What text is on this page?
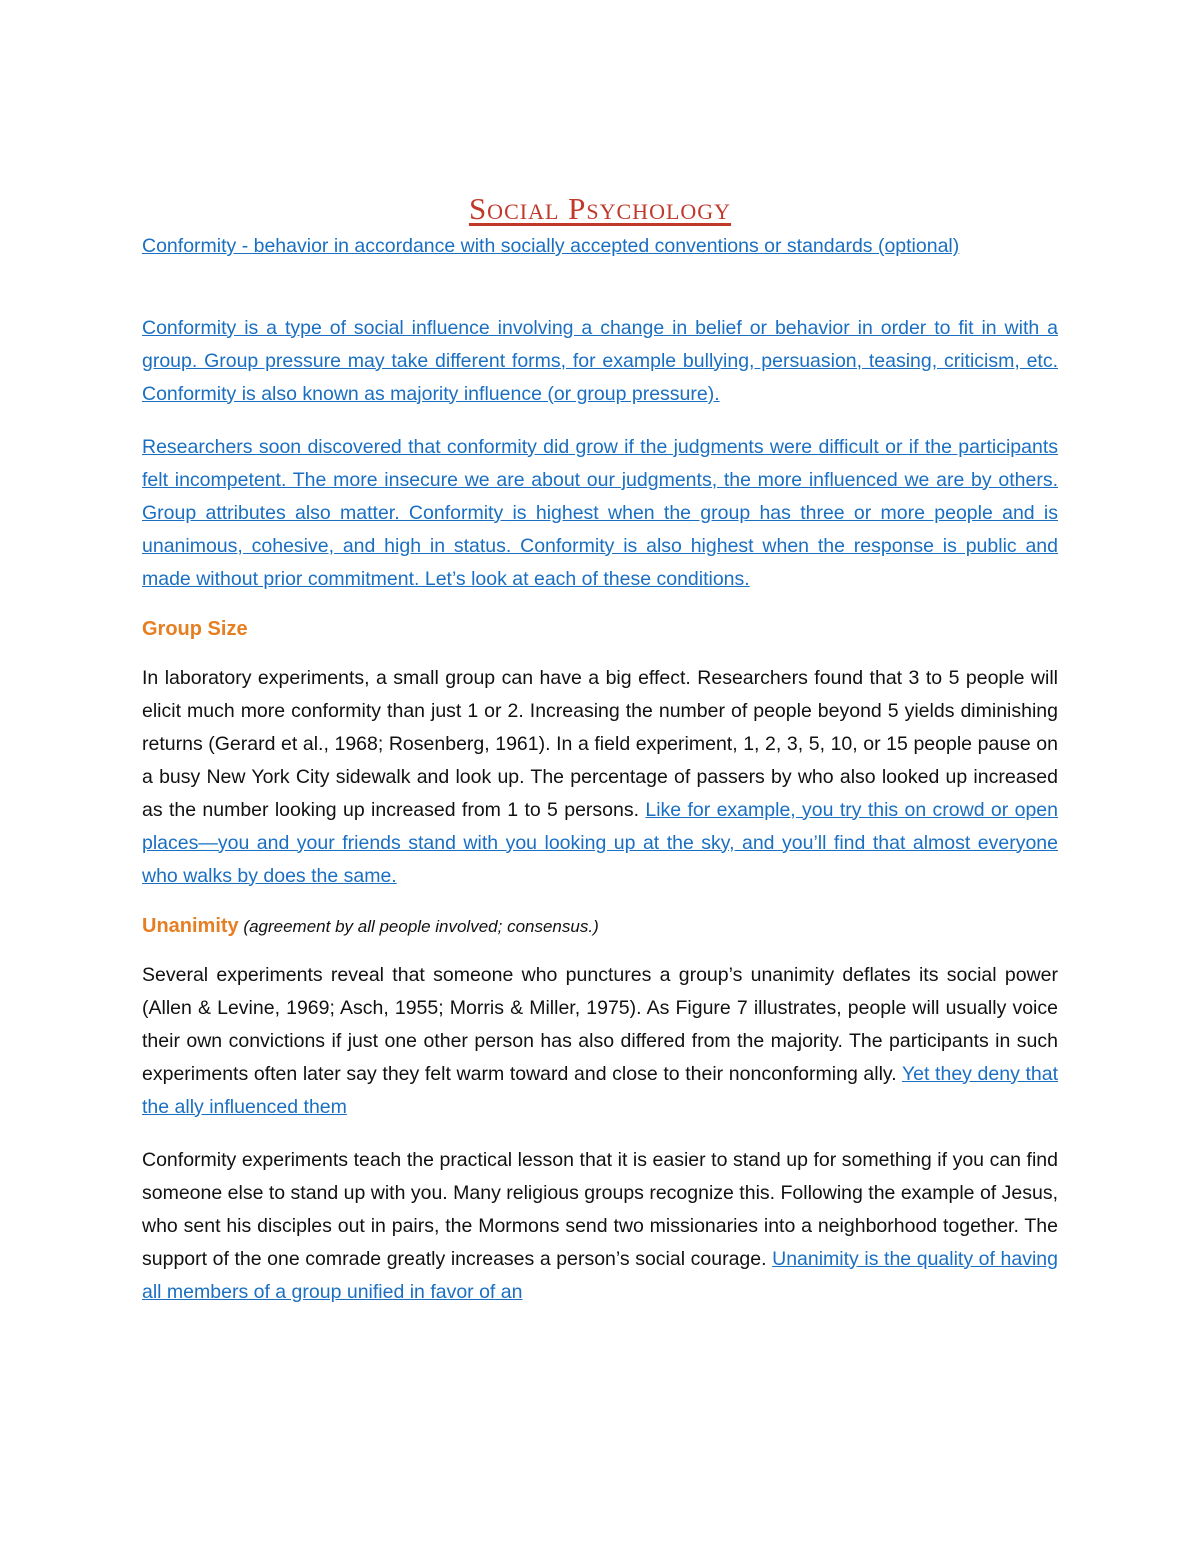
Social Psychology
Conformity - behavior in accordance with socially accepted conventions or standards (optional)

Conformity is a type of social influence involving a change in belief or behavior in order to fit in with a group. Group pressure may take different forms, for example bullying, persuasion, teasing, criticism, etc. Conformity is also known as majority influence (or group pressure).

Researchers soon discovered that conformity did grow if the judgments were difficult or if the participants felt incompetent. The more insecure we are about our judgments, the more influenced we are by others. Group attributes also matter. Conformity is highest when the group has three or more people and is unanimous, cohesive, and high in status. Conformity is also highest when the response is public and made without prior commitment. Let’s look at each of these conditions.

Group Size

In laboratory experiments, a small group can have a big effect. Researchers found that 3 to 5 people will elicit much more conformity than just 1 or 2. Increasing the number of people beyond 5 yields diminishing returns (Gerard et al., 1968; Rosenberg, 1961). In a field experiment, 1, 2, 3, 5, 10, or 15 people pause on a busy New York City sidewalk and look up. The percentage of passers by who also looked up increased as the number looking up increased from 1 to 5 persons. Like for example, you try this on crowd or open places—you and your friends stand with you looking up at the sky, and you’ll find that almost everyone who walks by does the same.

Unanimity (agreement by all people involved; consensus.)

Several experiments reveal that someone who punctures a group’s unanimity deflates its social power (Allen & Levine, 1969; Asch, 1955; Morris & Miller, 1975). As Figure 7 illustrates, people will usually voice their own convictions if just one other person has also differed from the majority. The participants in such experiments often later say they felt warm toward and close to their nonconforming ally. Yet they deny that the ally influenced them

Conformity experiments teach the practical lesson that it is easier to stand up for something if you can find someone else to stand up with you. Many religious groups recognize this. Following the example of Jesus, who sent his disciples out in pairs, the Mormons send two missionaries into a neighborhood together. The support of the one comrade greatly increases a person’s social courage. Unanimity is the quality of having all members of a group unified in favor of an
